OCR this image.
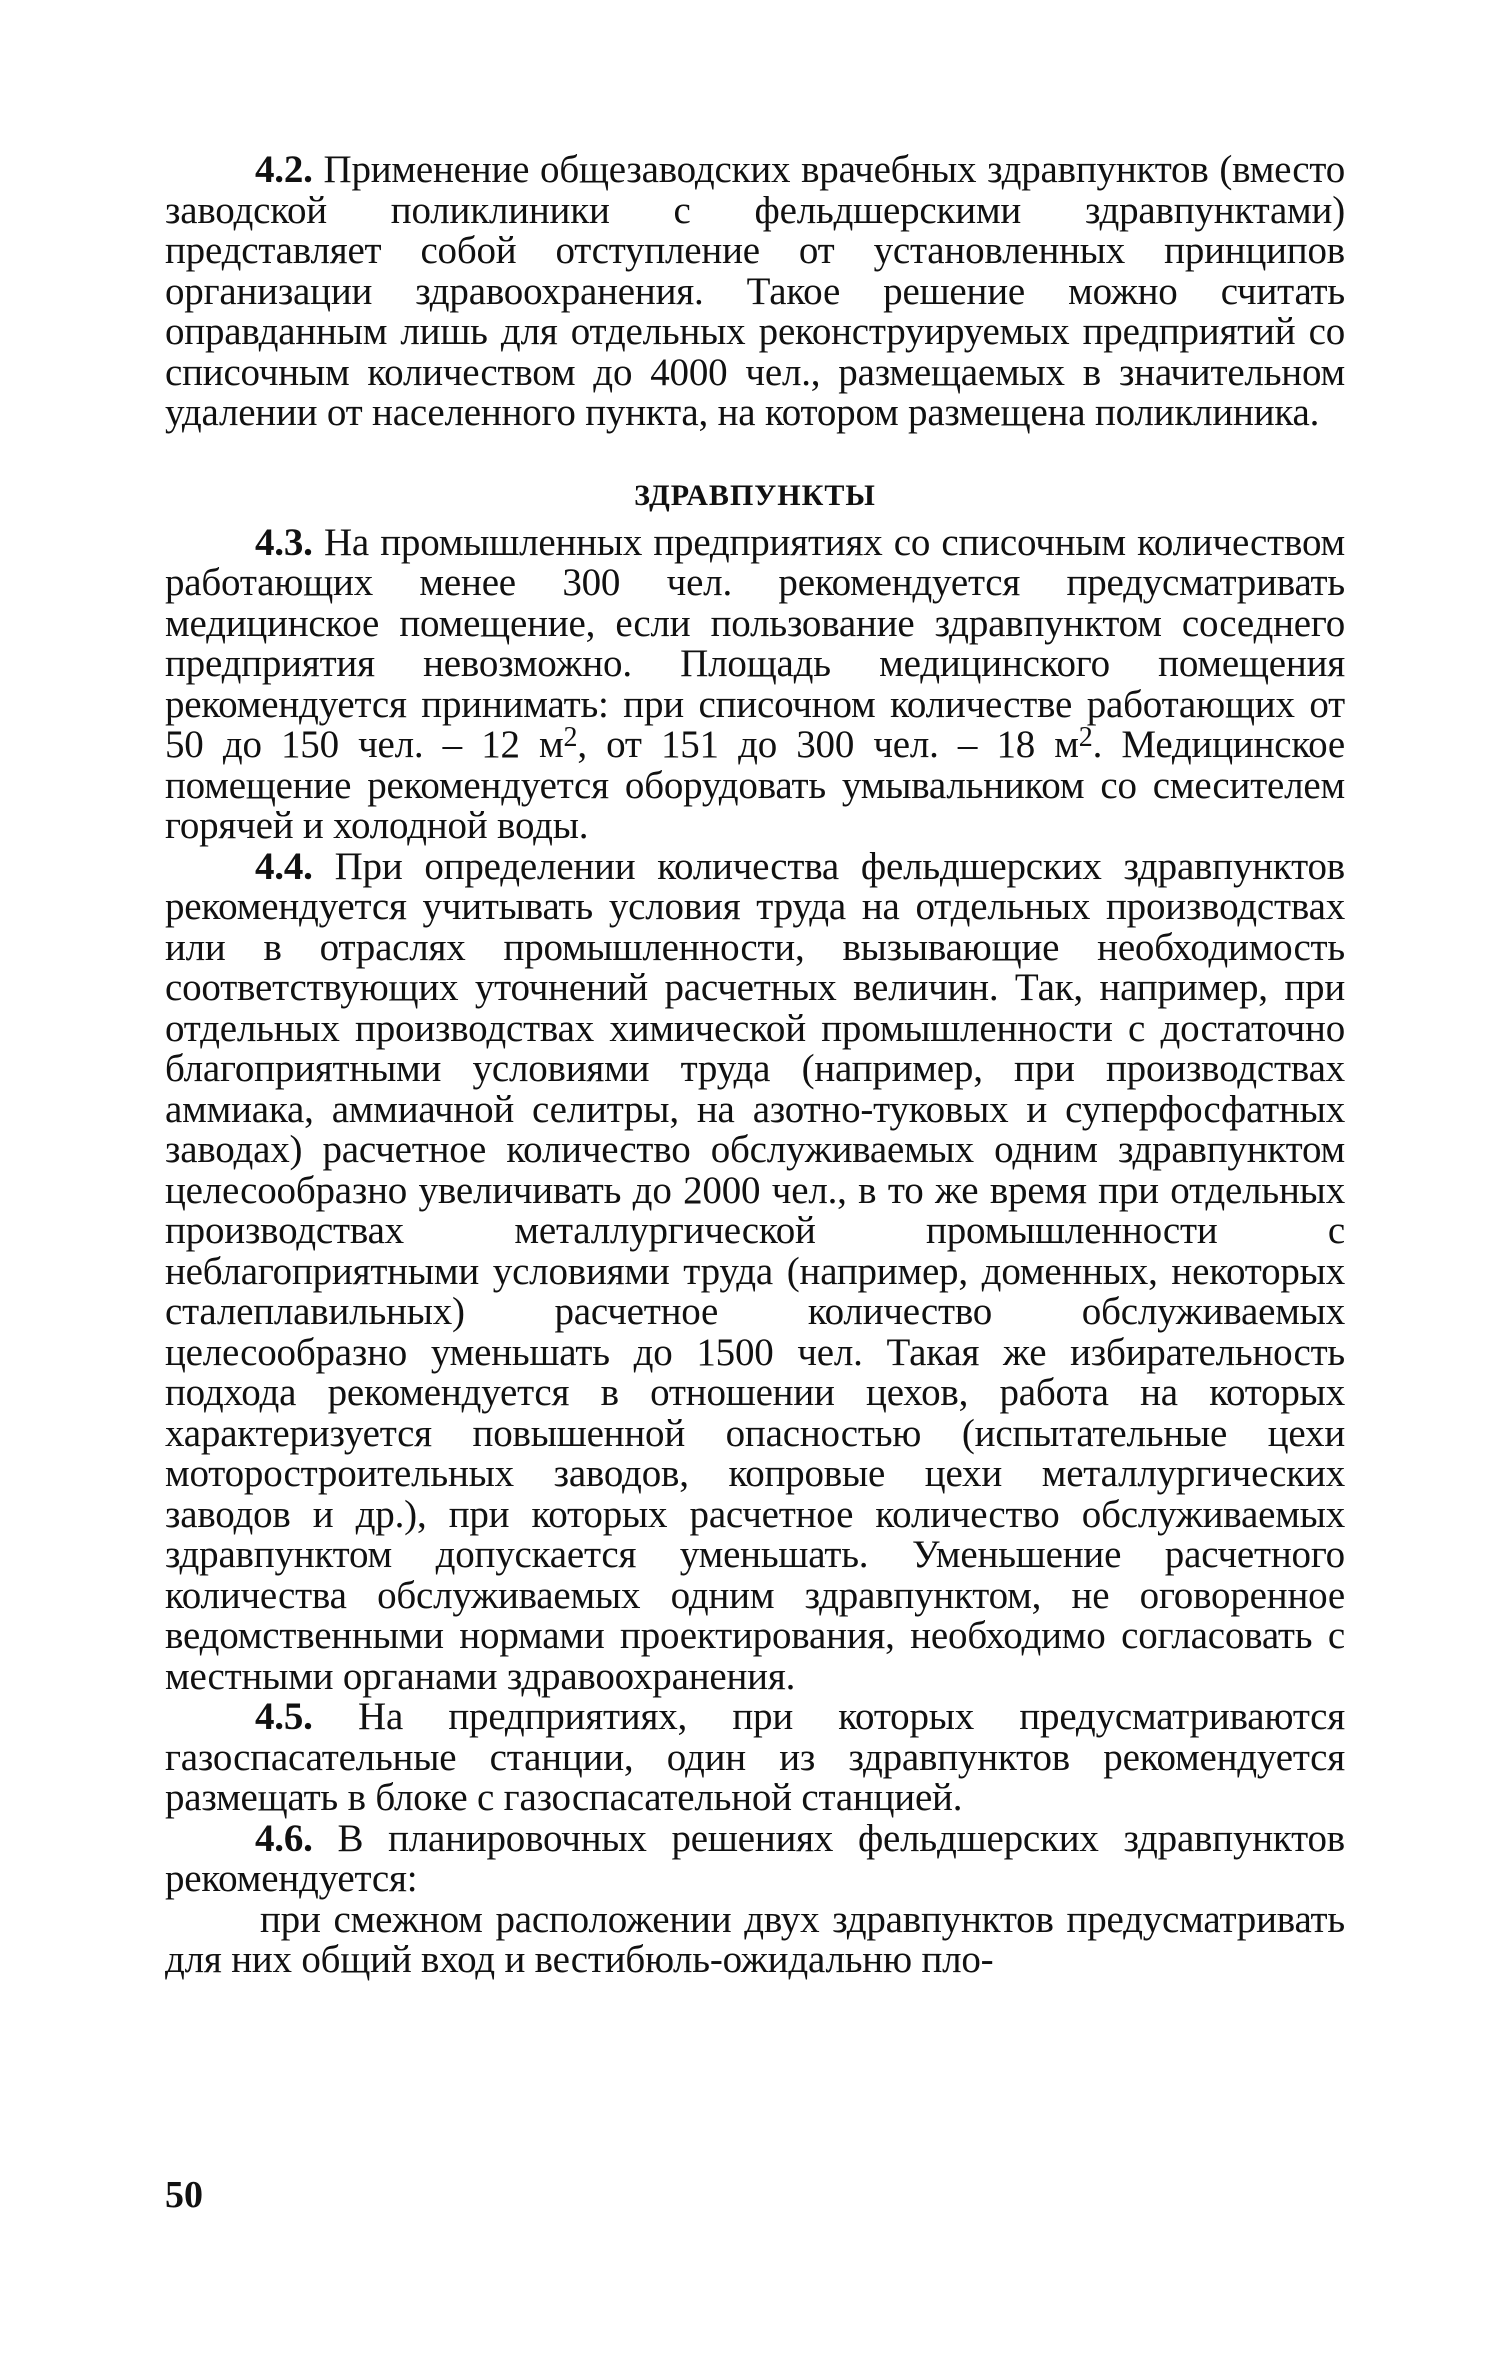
4.2. Применение общезаводских врачебных здравпунктов (вместо заводской поликлиники с фельдшерскими здравпунктами) представляет собой отступление от установленных принципов организации здравоохранения. Такое решение можно считать оправданным лишь для отдельных реконструируемых предприятий со списочным количеством до 4000 чел., размещаемых в значительном удалении от населенного пункта, на котором размещена поликлиника.

ЗДРАВПУНКТЫ

4.3. На промышленных предприятиях со списочным количеством работающих менее 300 чел. рекомендуется предусматривать медицинское помещение, если пользование здравпунктом соседнего предприятия невозможно. Площадь медицинского помещения рекомендуется принимать: при списочном количестве работающих от 50 до 150 чел. – 12 $м^2$, от 151 до 300 чел. – 18 $м^2$. Медицинское помещение рекомендуется оборудовать умывальником со смесителем горячей и холодной воды.

4.4. При определении количества фельдшерских здравпунктов рекомендуется учитывать условия труда на отдельных производствах или в отраслях промышленности, вызывающие необходимость соответствующих уточнений расчетных величин. Так, например, при отдельных производствах химической промышленности с достаточно благоприятными условиями труда (например, при производствах аммиака, аммиачной селитры, на азотно-туковых и суперфосфатных заводах) расчетное количество обслуживаемых одним здравпунктом целесообразно увеличивать до 2000 чел., в то же время при отдельных производствах металлургической промышленности с неблагоприятными условиями труда (например, доменных, некоторых сталеплавильных) расчетное количество обслуживаемых целесообразно уменьшать до 1500 чел. Такая же избирательность подхода рекомендуется в отношении цехов, работа на которых характеризуется повышенной опасностью (испытательные цехи моторостроительных заводов, копровые цехи металлургических заводов и др.), при которых расчетное количество обслуживаемых здравпунктом допускается уменьшать. Уменьшение расчетного количества обслуживаемых одним здравпунктом, не оговоренное ведомственными нормами проектирования, необходимо согласовать с местными органами здравоохранения.

4.5. На предприятиях, при которых предусматриваются газоспасательные станции, один из здравпунктов рекомендуется размещать в блоке с газоспасательной станцией.

4.6. В планировочных решениях фельдшерских здравпунктов рекомендуется:

при смежном расположении двух здравпунктов предусматривать для них общий вход и вестибюль-ожидальню пло-

50
